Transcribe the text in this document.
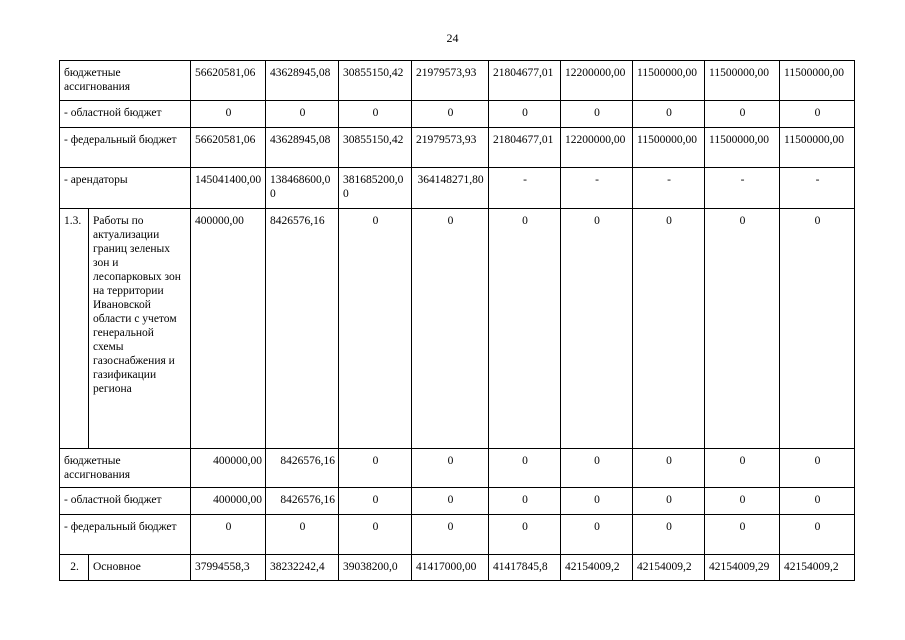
24
бюджетные ассигнования		56620581,06	43628945,08	30855150,42	21979573,93	21804677,01	12200000,00	11500000,00	11500000,00	11500000,00
- областной бюджет		0	0	0	0	0	0	0	0	0
- федеральный бюджет		56620581,06	43628945,08	30855150,42	21979573,93	21804677,01	12200000,00	11500000,00	11500000,00	11500000,00
- арендаторы		145041400,00	138468600,00	381685200,00	364148271,80	-	-	-	-	-
1.3.	Работы по актуализации границ зеленых зон и лесопарковых зон на территории Ивановской области с учетом генеральной схемы газоснабжения и газификации региона	400000,00	8426576,16	0	0	0	0	0	0	0
бюджетные ассигнования		400000,00	8426576,16	0	0	0	0	0	0	0
- областной бюджет		400000,00	8426576,16	0	0	0	0	0	0	0
- федеральный бюджет		0	0	0	0	0	0	0	0	0
2.	Основное	37994558,3	38232242,4	39038200,0	41417000,00	41417845,8	42154009,2	42154009,2	42154009,29	42154009,2
